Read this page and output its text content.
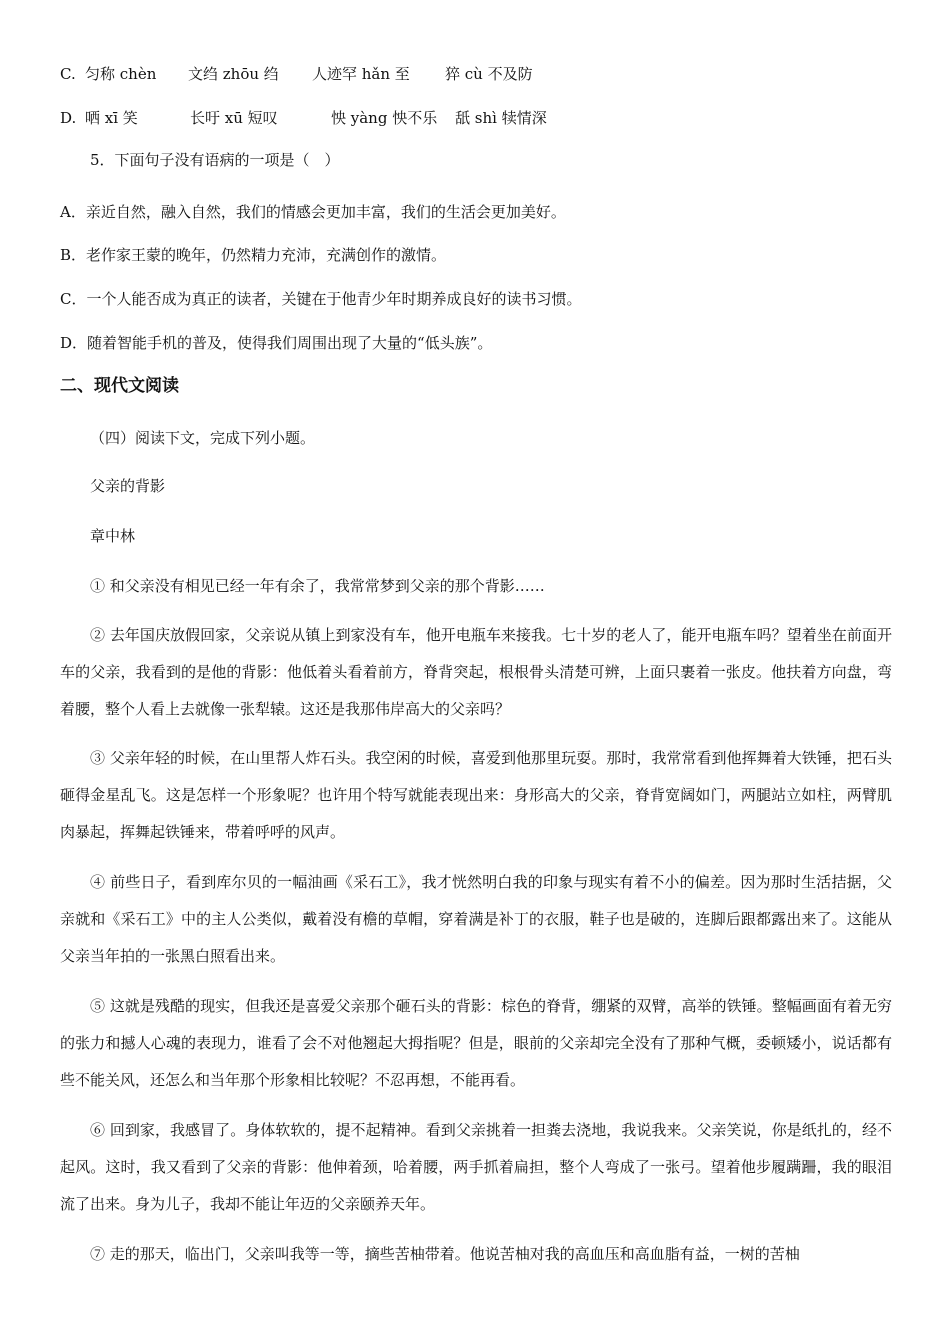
C. 匀称 chèn 文绉 zhōu 绉 人迹罕 hǎn 至 猝 cù 不及防
D. 哂 xī 笑	长吁 xū 短叹	怏 yàng 怏不乐 舐 shì 犊情深
5．下面句子没有语病的一项是（　）
A．亲近自然，融入自然，我们的情感会更加丰富，我们的生活会更加美好。
B．老作家王蒙的晚年，仍然精力充沛，充满创作的激情。
C．一个人能否成为真正的读者，关键在于他青少年时期养成良好的读书习惯。
D．随着智能手机的普及，使得我们周围出现了大量的“低头族”。
二、现代文阅读
（四）阅读下文，完成下列小题。
父亲的背影
章中林
① 和父亲没有相见已经一年有余了，我常常梦到父亲的那个背影……
② 去年国庆放假回家，父亲说从镇上到家没有车，他开电瓶车来接我。七十岁的老人了，能开电瓶车吗？望着坐在前面开车的父亲，我看到的是他的背影：他低着头看着前方，脊背突起，根根骨头清楚可辨，上面只裹着一张皮。他扶着方向盘，弯着腰，整个人看上去就像一张犁辕。这还是我那伟岸高大的父亲吗？
③ 父亲年轻的时候，在山里帮人炸石头。我空闲的时候，喜爱到他那里玩耍。那时，我常常看到他挥舞着大铁锤，把石头砸得金星乱飞。这是怎样一个形象呢？也许用个特写就能表现出来：身形高大的父亲，脊背宽阔如门，两腿站立如柱，两臂肌肉暴起，挥舞起铁锤来，带着呼呼的风声。
④ 前些日子，看到库尔贝的一幅油画《采石工》，我才恍然明白我的印象与现实有着不小的偏差。因为那时生活拮据，父亲就和《采石工》中的主人公类似，戴着没有檐的草帽，穿着满是补丁的衣服，鞋子也是破的，连脚后跟都露出来了。这能从父亲当年拍的一张黑白照看出来。
⑤ 这就是残酷的现实，但我还是喜爱父亲那个砸石头的背影：棕色的脊背，绷紧的双臂，高举的铁锤。整幅画面有着无穷的张力和撼人心魂的表现力，谁看了会不对他翘起大拇指呢？但是，眼前的父亲却完全没有了那种气概，委顿矮小，说话都有些不能关风，还怎么和当年那个形象相比较呢？不忍再想，不能再看。
⑥ 回到家，我感冒了。身体软软的，提不起精神。看到父亲挑着一担粪去浇地，我说我来。父亲笑说，你是纸扎的，经不起风。这时，我又看到了父亲的背影：他伸着颈，哈着腰，两手抓着扁担，整个人弯成了一张弓。望着他步履蹒跚，我的眼泪流了出来。身为儿子，我却不能让年迈的父亲颐养天年。
⑦ 走的那天，临出门，父亲叫我等一等，摘些苦柚带着。他说苦柚对我的高血压和高血脂有益，一树的苦柚
